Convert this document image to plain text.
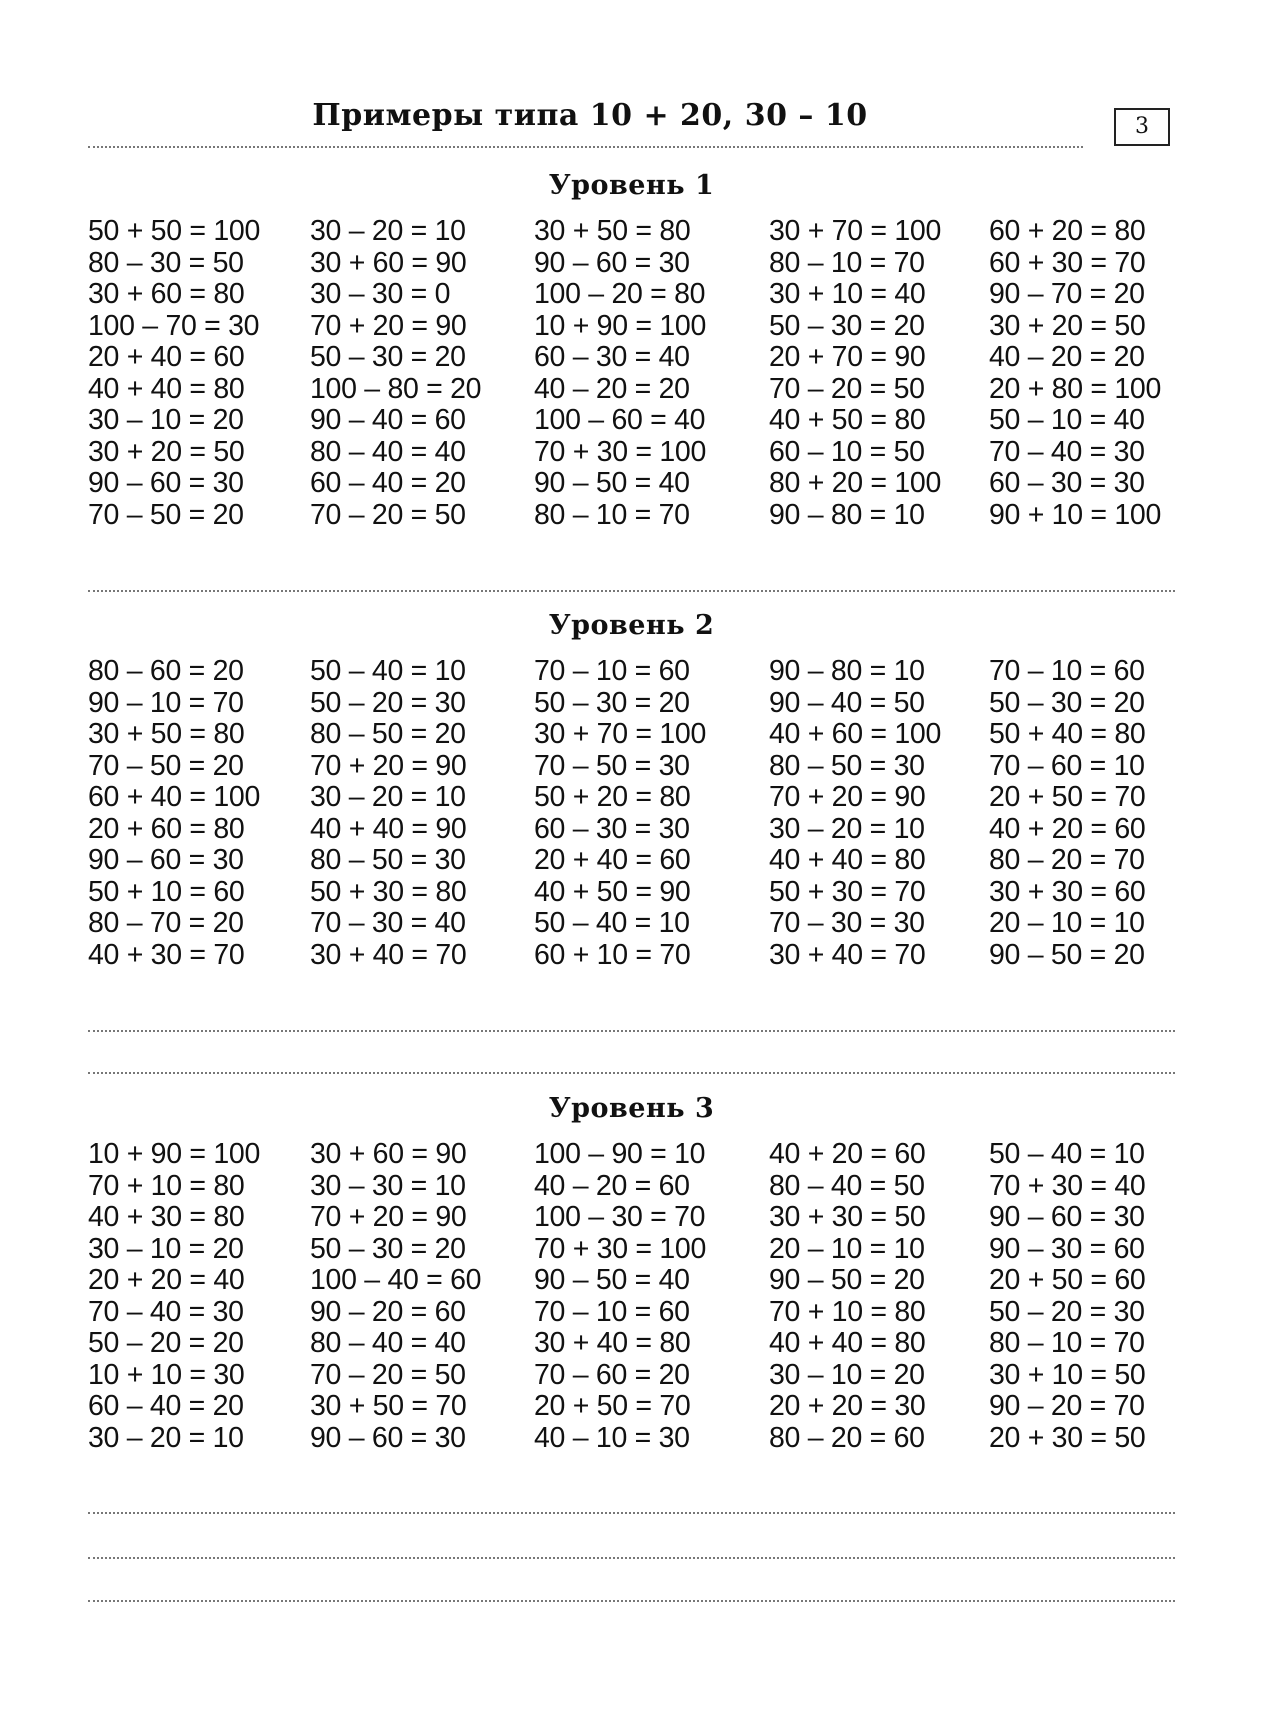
Примеры типа 10 + 20, 30 – 10	3
Уровень 1
50 + 50 = 100	30 – 20 = 10	30 + 50 = 80	30 + 70 = 100	60 + 20 = 80
80 – 30 = 50	30 + 60 = 90	90 – 60 = 30	80 – 10 = 70	60 + 30 = 70
30 + 60 = 80	30 – 30 = 0	100 – 20 = 80	30 + 10 = 40	90 – 70 = 20
100 – 70 = 30	70 + 20 = 90	10 + 90 = 100	50 – 30 = 20	30 + 20 = 50
20 + 40 = 60	50 – 30 = 20	60 – 30 = 40	20 + 70 = 90	40 – 20 = 20
40 + 40 = 80	100 – 80 = 20	40 – 20 = 20	70 – 20 = 50	20 + 80 = 100
30 – 10 = 20	90 – 40 = 60	100 – 60 = 40	40 + 50 = 80	50 – 10 = 40
30 + 20 = 50	80 – 40 = 40	70 + 30 = 100	60 – 10 = 50	70 – 40 = 30
90 – 60 = 30	60 – 40 = 20	90 – 50 = 40	80 + 20 = 100	60 – 30 = 30
70 – 50 = 20	70 – 20 = 50	80 – 10 = 70	90 – 80 = 10	90 + 10 = 100
Уровень 2
80 – 60 = 20	50 – 40 = 10	70 – 10 = 60	90 – 80 = 10	70 – 10 = 60
90 – 10 = 70	50 – 20 = 30	50 – 30 = 20	90 – 40 = 50	50 – 30 = 20
30 + 50 = 80	80 – 50 = 20	30 + 70 = 100	40 + 60 = 100	50 + 40 = 80
70 – 50 = 20	70 + 20 = 90	70 – 50 = 30	80 – 50 = 30	70 – 60 = 10
60 + 40 = 100	30 – 20 = 10	50 + 20 = 80	70 + 20 = 90	20 + 50 = 70
20 + 60 = 80	40 + 40 = 90	60 – 30 = 30	30 – 20 = 10	40 + 20 = 60
90 – 60 = 30	80 – 50 = 30	20 + 40 = 60	40 + 40 = 80	80 – 20 = 70
50 + 10 = 60	50 + 30 = 80	40 + 50 = 90	50 + 30 = 70	30 + 30 = 60
80 – 70 = 20	70 – 30 = 40	50 – 40 = 10	70 – 30 = 30	20 – 10 = 10
40 + 30 = 70	30 + 40 = 70	60 + 10 = 70	30 + 40 = 70	90 – 50 = 20
Уровень 3
10 + 90 = 100	30 + 60 = 90	100 – 90 = 10	40 + 20 = 60	50 – 40 = 10
70 + 10 = 80	30 – 30 = 10	40 – 20 = 60	80 – 40 = 50	70 + 30 = 40
40 + 30 = 80	70 + 20 = 90	100 – 30 = 70	30 + 30 = 50	90 – 60 = 30
30 – 10 = 20	50 – 30 = 20	70 + 30 = 100	20 – 10 = 10	90 – 30 = 60
20 + 20 = 40	100 – 40 = 60	90 – 50 = 40	90 – 50 = 20	20 + 50 = 60
70 – 40 = 30	90 – 20 = 60	70 – 10 = 60	70 + 10 = 80	50 – 20 = 30
50 – 20 = 20	80 – 40 = 40	30 + 40 = 80	40 + 40 = 80	80 – 10 = 70
10 + 10 = 30	70 – 20 = 50	70 – 60 = 20	30 – 10 = 20	30 + 10 = 50
60 – 40 = 20	30 + 50 = 70	20 + 50 = 70	20 + 20 = 30	90 – 20 = 70
30 – 20 = 10	90 – 60 = 30	40 – 10 = 30	80 – 20 = 60	20 + 30 = 50
